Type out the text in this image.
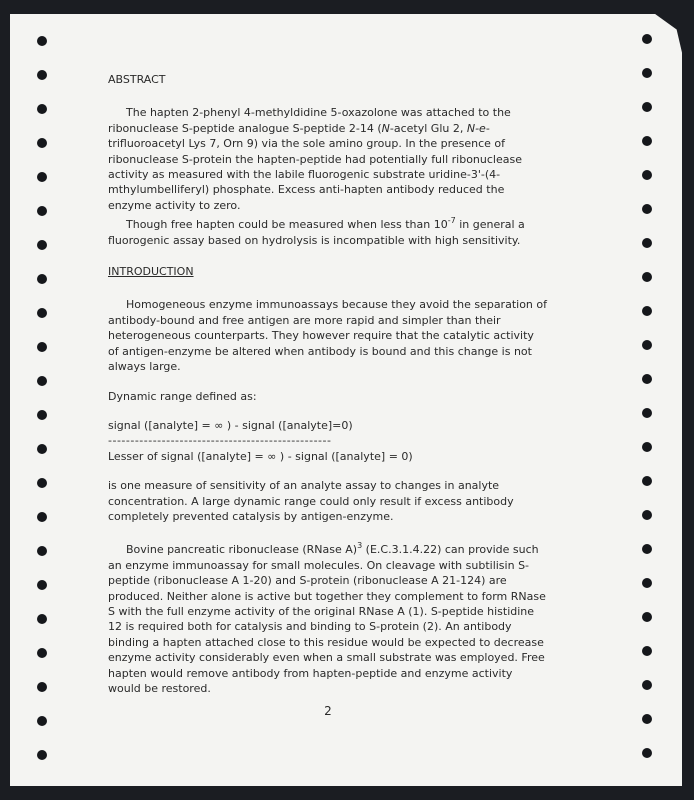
ABSTRACT

The hapten 2-phenyl 4-methyldidine 5-oxazolone was attached to the ribonuclease S-peptide analogue S-peptide 2-14 (N-acetyl Glu 2, N-e-trifluoroacetyl Lys 7, Orn 9) via the sole amino group. In the presence of ribonuclease S-protein the hapten-peptide had potentially full ribonuclease activity as measured with the labile fluorogenic substrate uridine-3'-(4-mthylumbelliferyl) phosphate. Excess anti-hapten antibody reduced the enzyme activity to zero.

Though free hapten could be measured when less than $10^{-7}$ in general a fluorogenic assay based on hydrolysis is incompatible with high sensitivity.

INTRODUCTION

Homogeneous enzyme immunoassays because they avoid the separation of antibody-bound and free antigen are more rapid and simpler than their heterogeneous counterparts. They however require that the catalytic activity of antigen-enzyme be altered when antibody is bound and this change is not always large.

Dynamic range defined as:

signal ([analyte] = ∞ ) - signal ([analyte]=0)

--------------------------------------------------

Lesser of signal ([analyte] = ∞ ) - signal ([analyte] = 0)

is one measure of sensitivity of an analyte assay to changes in analyte concentration. A large dynamic range could only result if excess antibody completely prevented catalysis by antigen-enzyme.

Bovine pancreatic ribonuclease (RNase A)$^3$ (E.C.3.1.4.22) can provide such an enzyme immunoassay for small molecules. On cleavage with subtilisin S-peptide (ribonuclease A 1-20) and S-protein (ribonuclease A 21-124) are produced. Neither alone is active but together they complement to form RNase S with the full enzyme activity of the original RNase A (1). S-peptide histidine 12 is required both for catalysis and binding to S-protein (2). An antibody binding a hapten attached close to this residue would be expected to decrease enzyme activity considerably even when a small substrate was employed. Free hapten would remove antibody from hapten-peptide and enzyme activity would be restored.

2
